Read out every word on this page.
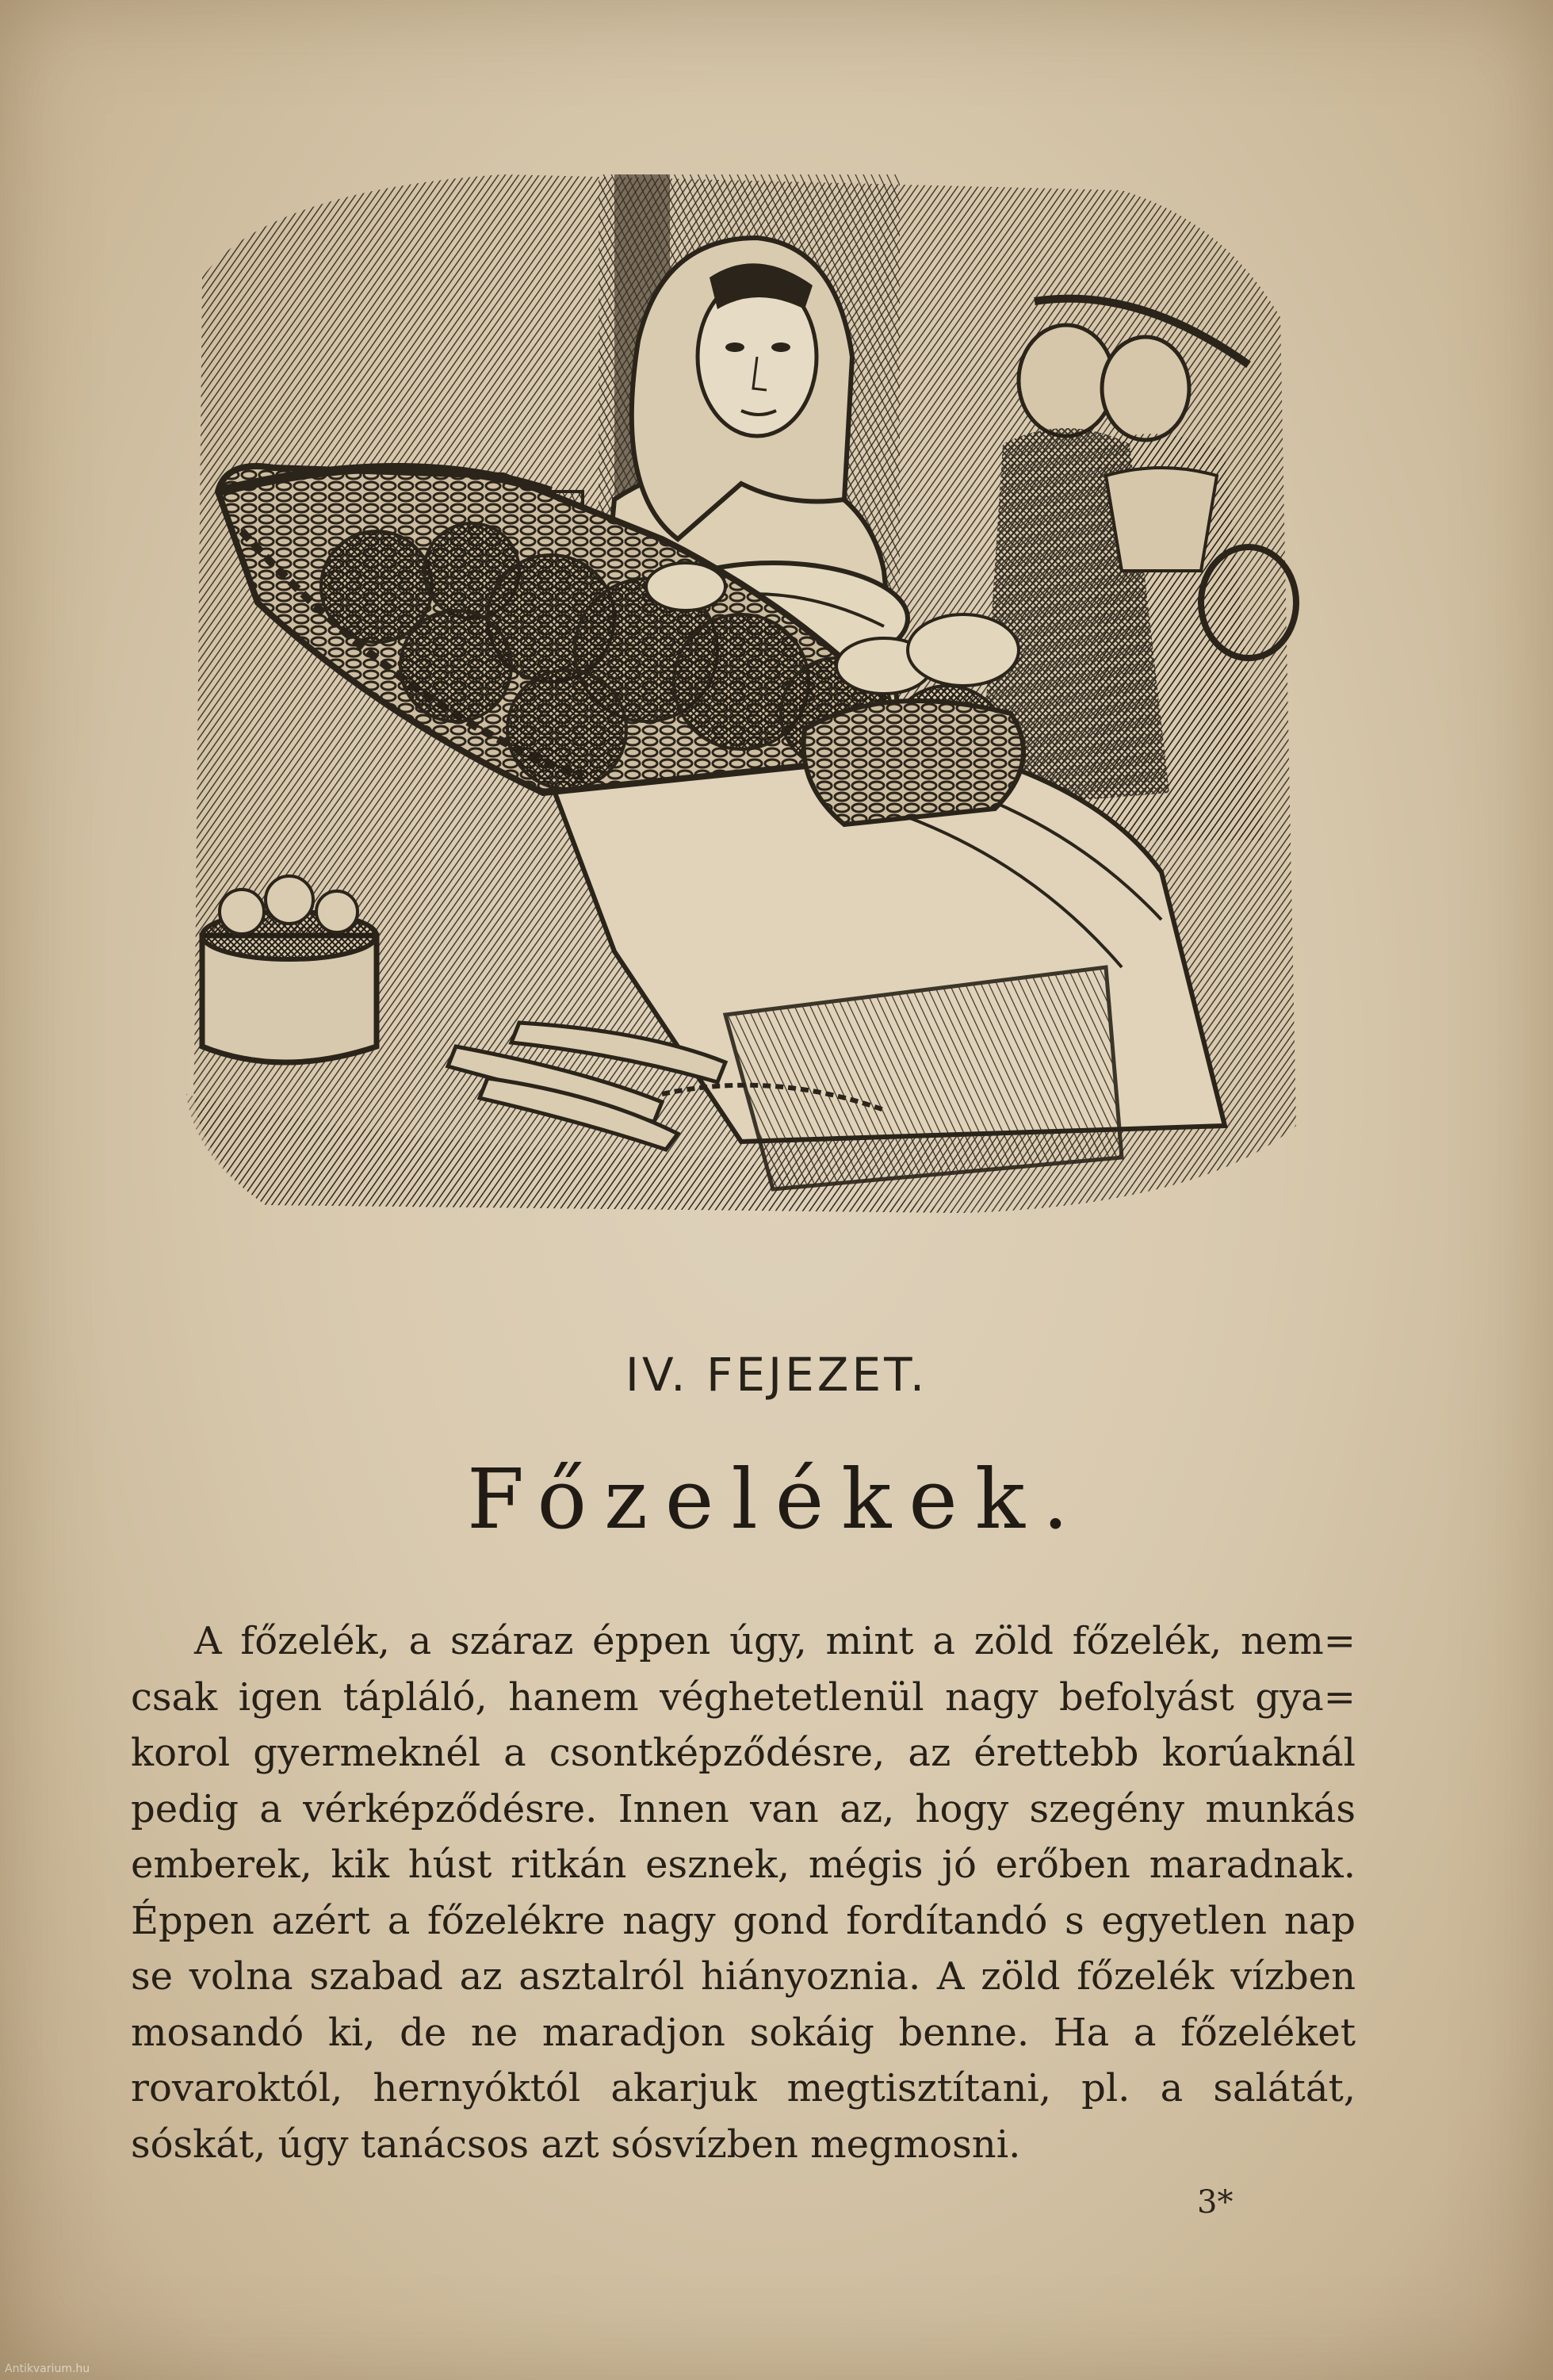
IV. FEJEZET.
Főzelékek.
A főzelék, a száraz éppen úgy, mint a zöld főzelék, nem=
csak igen tápláló, hanem véghetetlenül nagy befolyást gya=
korol gyermeknél a csontképződésre, az érettebb korúaknál
pedig a vérképződésre. Innen van az, hogy szegény munkás
emberek, kik húst ritkán esznek, mégis jó erőben maradnak.
Éppen azért a főzelékre nagy gond fordítandó s egyetlen nap
se volna szabad az asztalról hiányoznia. A zöld főzelék vízben
mosandó ki, de ne maradjon sokáig benne. Ha a főzeléket
rovaroktól, hernyóktól akarjuk megtisztítani, pl. a salátát,
sóskát, úgy tanácsos azt sósvízben megmosni.
3*
Antikvarium.hu
